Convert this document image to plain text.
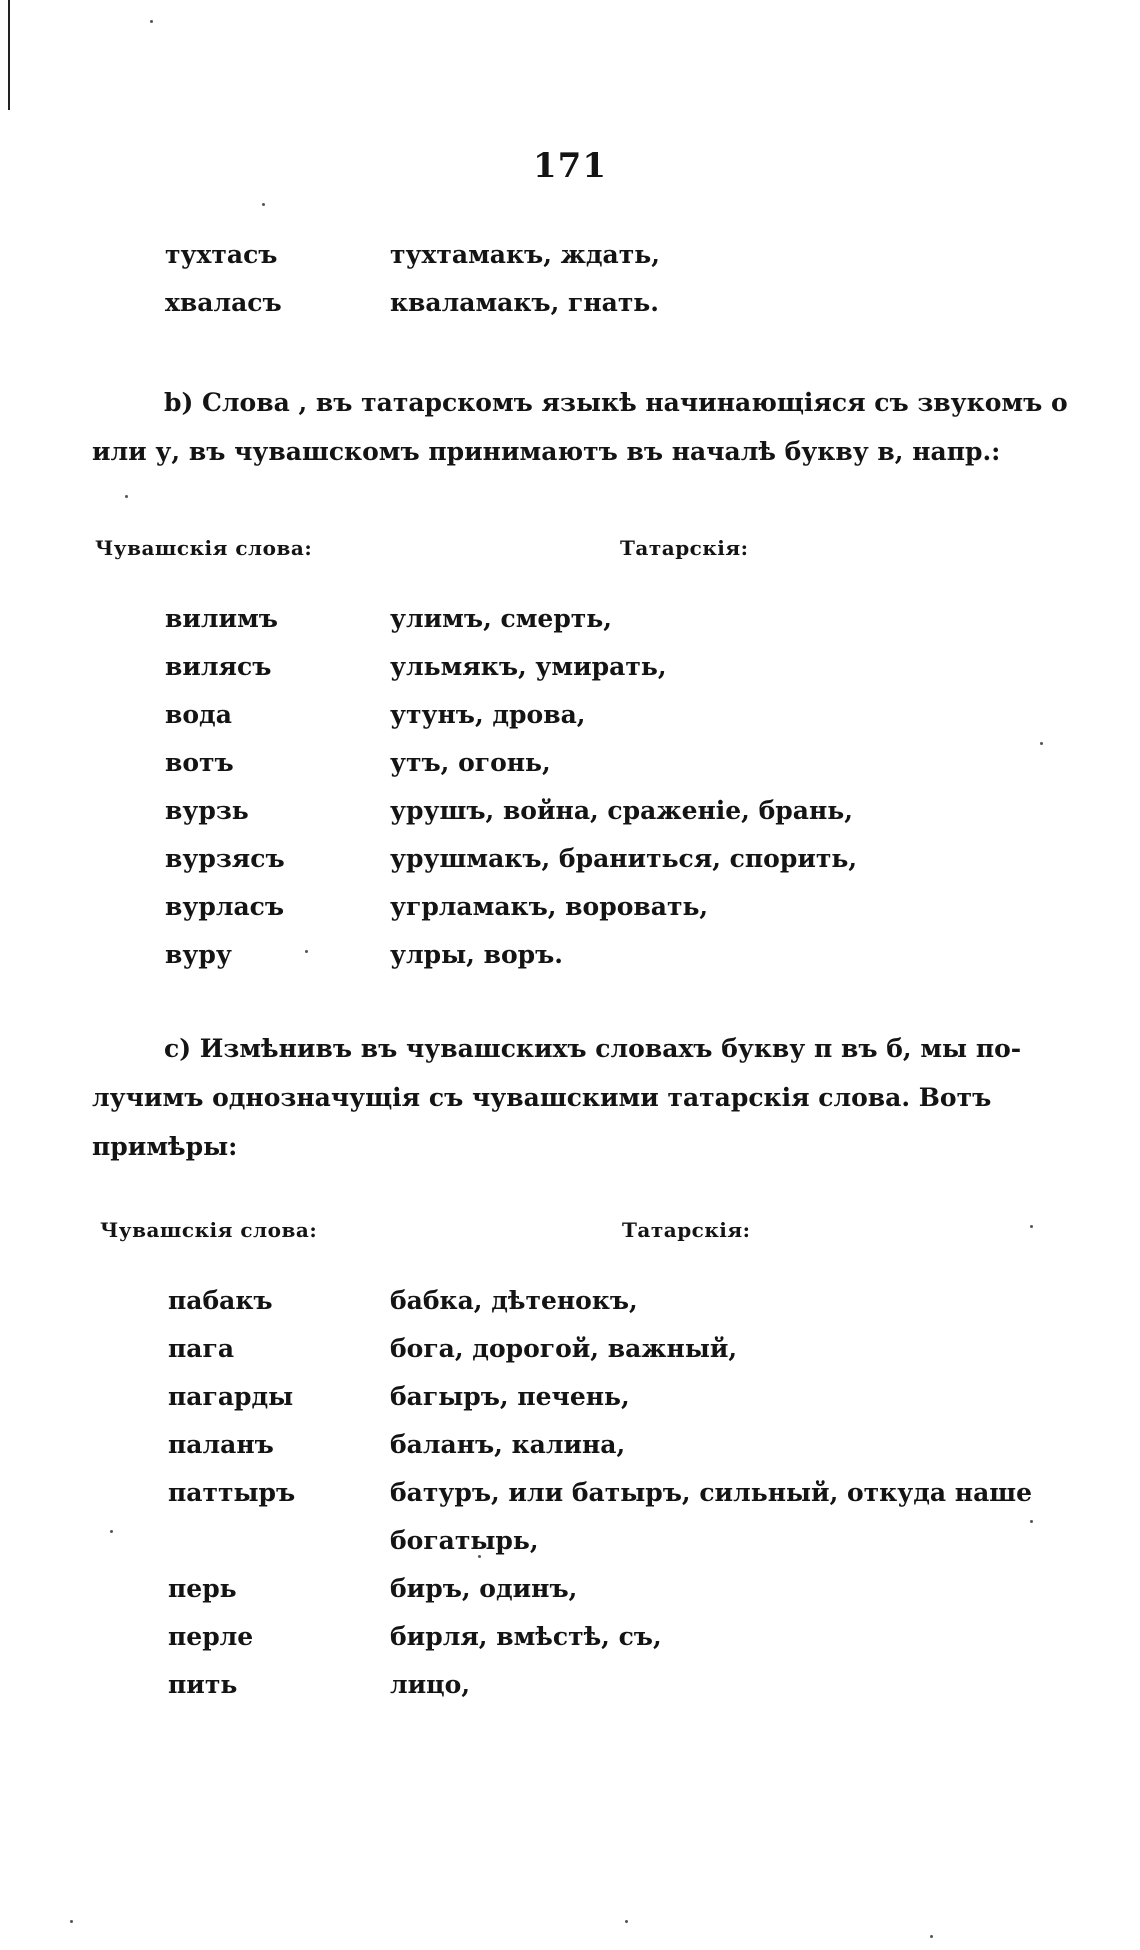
171
тухтасъ	тухтамакъ, ждать,
хваласъ	квaламакъ, гнать.
b) Слова , въ татарскомъ языкѣ начинающіяся съ звукомъ о
или у, въ чувашскомъ принимаютъ въ началѣ букву в, напр.:
Чувашскія слова:	Татарскія:
вилимъ	улимъ, смерть,
вилясъ	ульмякъ, умирать,
вода	утунъ, дрова,
вотъ	утъ, огонь,
вурзь	урушъ, война, сраженіе, брань,
вурзясъ	урушмакъ, браниться, спорить,
вурласъ	угрламакъ, воровать,
вуру	улры, воръ.
c) Измѣнивъ въ чувашскихъ словахъ букву п въ б, мы по-
лучимъ однозначущія съ чувашскими татарскія слова. Вотъ
примѣры:
Чувашскія слова:	Татарскія:
пабакъ	бабка, дѣтенокъ,
пага	бога, дорогой, важный,
пагарды	багыръ, печень,
паланъ	баланъ, калина,
паттыръ	батуръ, или батыръ, сильный, откуда наше
богатырь,
перь	биръ, одинъ,
перле	бирля, вмѣстѣ, съ,
пить	лицо,
